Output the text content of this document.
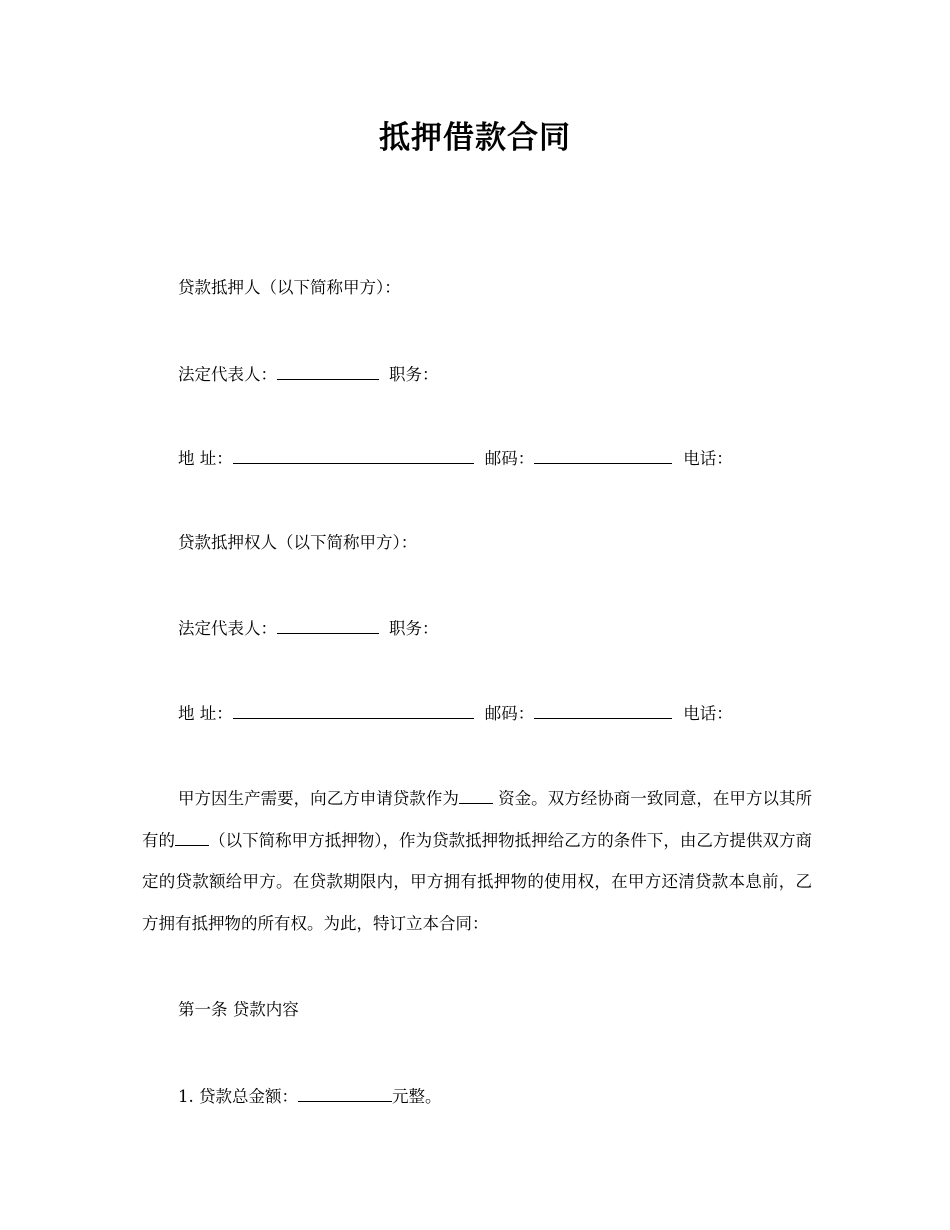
抵押借款合同
贷款抵押人（以下简称甲方）：
法定代表人：	职务：
地 址：	邮码：	电话：
贷款抵押权人（以下简称甲方）：
法定代表人：	职务：
地 址：	邮码：	电话：
甲方因生产需要，向乙方申请贷款作为 资金。双方经协商一致同意，在甲方以其所有的 （以下简称甲方抵押物），作为贷款抵押物抵押给乙方的条件下，由乙方提供双方商定的贷款额给甲方。在贷款期限内，甲方拥有抵押物的使用权，在甲方还清贷款本息前，乙方拥有抵押物的所有权。为此，特订立本合同：
第一条 贷款内容
1. 贷款总金额：	元整。
